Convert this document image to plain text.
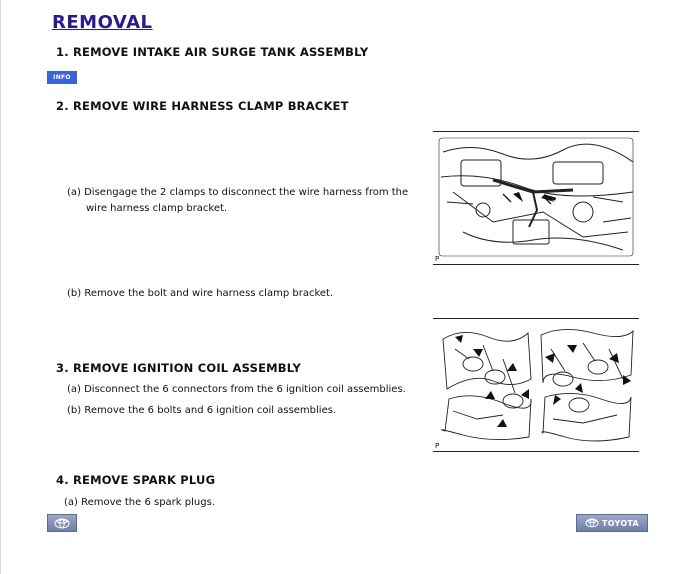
REMOVAL
1. REMOVE INTAKE AIR SURGE TANK ASSEMBLY
INFO
2. REMOVE WIRE HARNESS CLAMP BRACKET
(a) Disengage the 2 clamps to disconnect the wire harness from the
wire harness clamp bracket.
(b) Remove the bolt and wire harness clamp bracket.
P
3. REMOVE IGNITION COIL ASSEMBLY
(a) Disconnect the 6 connectors from the 6 ignition coil assemblies.
(b) Remove the 6 bolts and 6 ignition coil assemblies.
P
4. REMOVE SPARK PLUG
(a) Remove the 6 spark plugs.
TOYOTA
